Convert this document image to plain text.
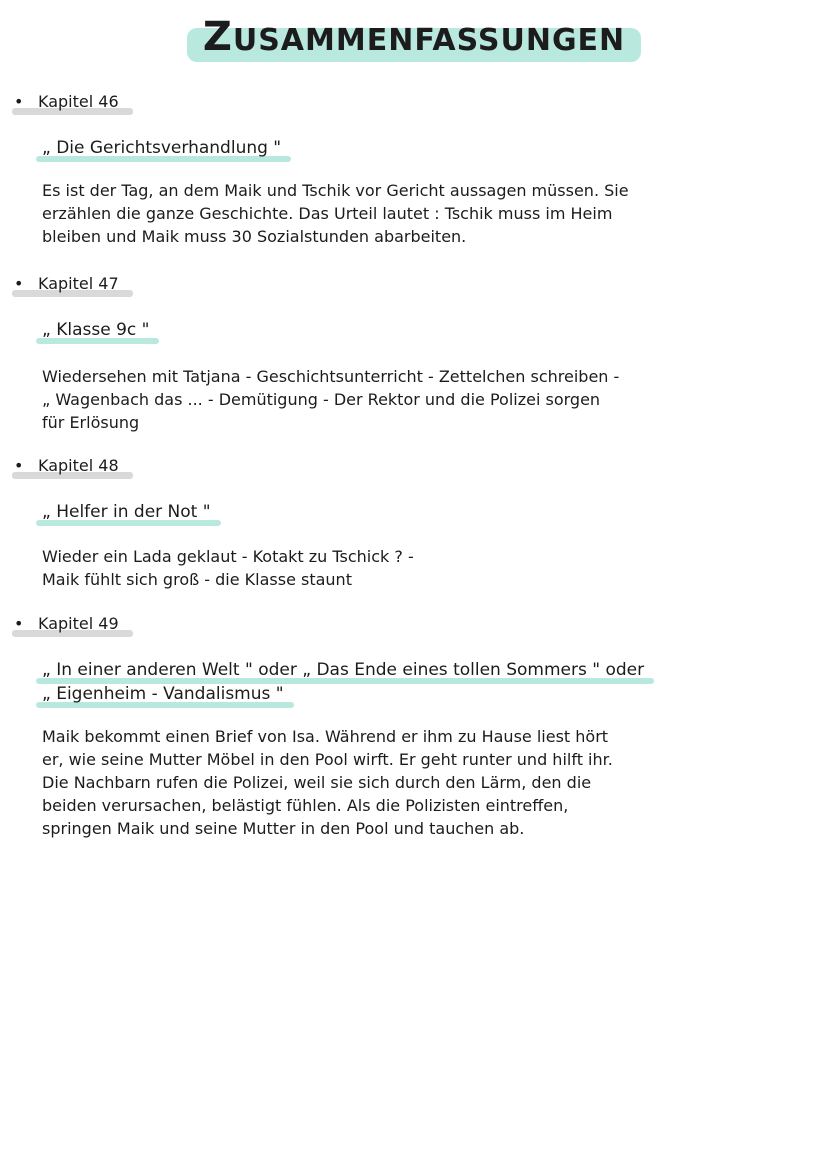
ZUSAMMENFASSUNGEN
• Kapitel 46
„ Die Gerichtsverhandlung "
Es ist der Tag, an dem Maik und Tschik vor Gericht aussagen müssen. Sie
erzählen die ganze Geschichte. Das Urteil lautet : Tschik muss im Heim
bleiben und Maik muss 30 Sozialstunden abarbeiten.
• Kapitel 47
„ Klasse 9c "
Wiedersehen mit Tatjana - Geschichtsunterricht - Zettelchen schreiben -
„ Wagenbach das ... - Demütigung - Der Rektor und die Polizei sorgen
für Erlösung
• Kapitel 48
„ Helfer in der Not "
Wieder ein Lada geklaut - Kotakt zu Tschick ? -
Maik fühlt sich groß - die Klasse staunt
• Kapitel 49
„ In einer anderen Welt " oder „ Das Ende eines tollen Sommers " oder
„ Eigenheim - Vandalismus "
Maik bekommt einen Brief von Isa. Während er ihm zu Hause liest hört
er, wie seine Mutter Möbel in den Pool wirft. Er geht runter und hilft ihr.
Die Nachbarn rufen die Polizei, weil sie sich durch den Lärm, den die
beiden verursachen, belästigt fühlen. Als die Polizisten eintreffen,
springen Maik und seine Mutter in den Pool und tauchen ab.
